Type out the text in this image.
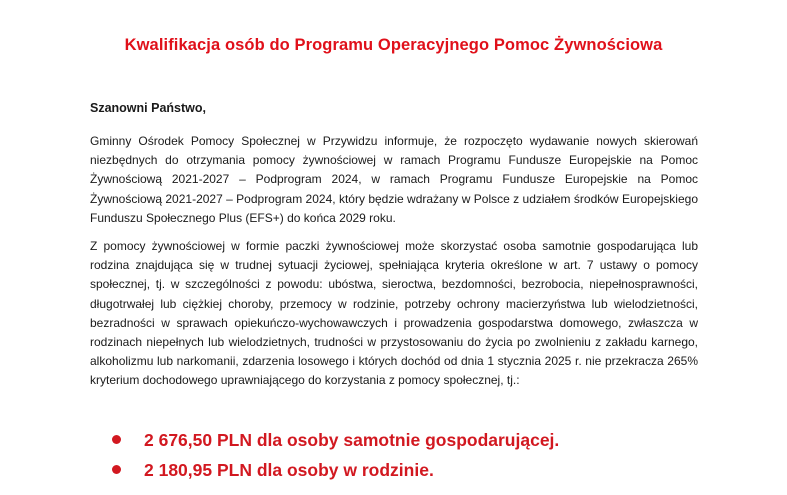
Kwalifikacja osób do Programu Operacyjnego Pomoc Żywnościowa
Szanowni Państwo,
Gminny Ośrodek Pomocy Społecznej w Przywidzu informuje, że rozpoczęto wydawanie nowych skierowań niezbędnych do otrzymania pomocy żywnościowej w ramach Programu Fundusze Europejskie na Pomoc Żywnościową 2021-2027 – Podprogram 2024, w ramach Programu Fundusze Europejskie na Pomoc Żywnościową 2021-2027 – Podprogram 2024, który będzie wdrażany w Polsce z udziałem środków Europejskiego Funduszu Społecznego Plus (EFS+) do końca 2029 roku.
Z pomocy żywnościowej w formie paczki żywnościowej może skorzystać osoba samotnie gospodarująca lub rodzina znajdująca się w trudnej sytuacji życiowej, spełniająca kryteria określone w art. 7 ustawy o pomocy społecznej, tj. w szczególności z powodu: ubóstwa, sieroctwa, bezdomności, bezrobocia, niepełnosprawności, długotrwałej lub ciężkiej choroby, przemocy w rodzinie, potrzeby ochrony macierzyństwa lub wielodzietności, bezradności w sprawach opiekuńczo-wychowawczych i prowadzenia gospodarstwa domowego, zwłaszcza w rodzinach niepełnych lub wielodzietnych, trudności w przystosowaniu do życia po zwolnieniu z zakładu karnego, alkoholizmu lub narkomanii, zdarzenia losowego i których dochód od dnia 1 stycznia 2025 r. nie przekracza 265% kryterium dochodowego uprawniającego do korzystania z pomocy społecznej, tj.:
2 676,50 PLN dla osoby samotnie gospodarującej.
2 180,95 PLN dla osoby w rodzinie.
